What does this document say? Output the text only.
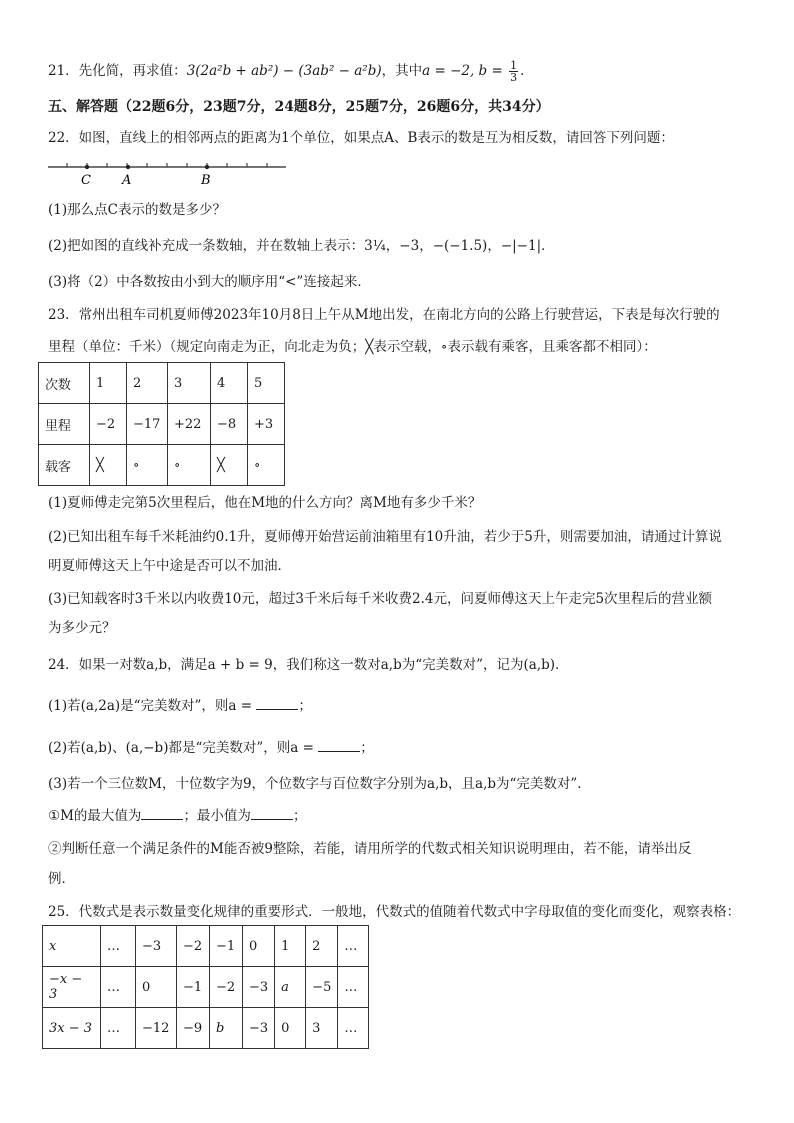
21．先化简，再求值：3(2a²b + ab²) − (3ab² − a²b)，其中a = −2, $b = \frac{1}{3}$ ．
五、解答题（22题6分，23题7分，24题8分，25题7分，26题6分，共34分）
22．如图，直线上的相邻两点的距离为1个单位，如果点A、B表示的数是互为相反数，请回答下列问题：
C A	B
(1)那么点C表示的数是多少？
(2)把如图的直线补充成一条数轴，并在数轴上表示：3¼，−3，−(−1.5)，−|−1|．
(3)将（2）中各数按由小到大的顺序用“<”连接起来．
23．常州出租车司机夏师傅2023年10月8日上午从M地出发，在南北方向的公路上行驶营运，下表是每次行驶的
里程（单位：千米）（规定向南走为正，向北走为负；╳表示空载，∘表示载有乘客，且乘客都不相同）：
次数	1	2	3	4	5
里程	−2	−17	+22	−8	+3
载客	╳	∘	∘	╳	∘
(1)夏师傅走完第5次里程后，他在M地的什么方向？离M地有多少千米？
(2)已知出租车每千米耗油约0.1升，夏师傅开始营运前油箱里有10升油，若少于5升，则需要加油，请通过计算说
明夏师傅这天上午中途是否可以不加油．
(3)已知载客时3千米以内收费10元，超过3千米后每千米收费2.4元，问夏师傅这天上午走完5次里程后的营业额
为多少元？
24．如果一对数a,b，满足a + b = 9，我们称这一数对a,b为“完美数对”，记为(a,b)．
(1)若(a,2a)是“完美数对”，则a =	；
(2)若(a,b)、(a,−b)都是“完美数对”，则a =	；
(3)若一个三位数M，十位数字为9，个位数字与百位数字分别为a,b，且a,b为“完美数对”．
①M的最大值为	；最小值为	；
②判断任意一个满足条件的M能否被9整除，若能，请用所学的代数式相关知识说明理由，若不能，请举出反
例．
25．代数式是表示数量变化规律的重要形式．一般地，代数式的值随着代数式中字母取值的变化而变化，观察表格：
x	…	−3	−2	−1	0	1	2	…
−x − 3	…	0	−1	−2	−3	a	−5	…
3x − 3	…	−12	−9	b	−3	0	3	…
